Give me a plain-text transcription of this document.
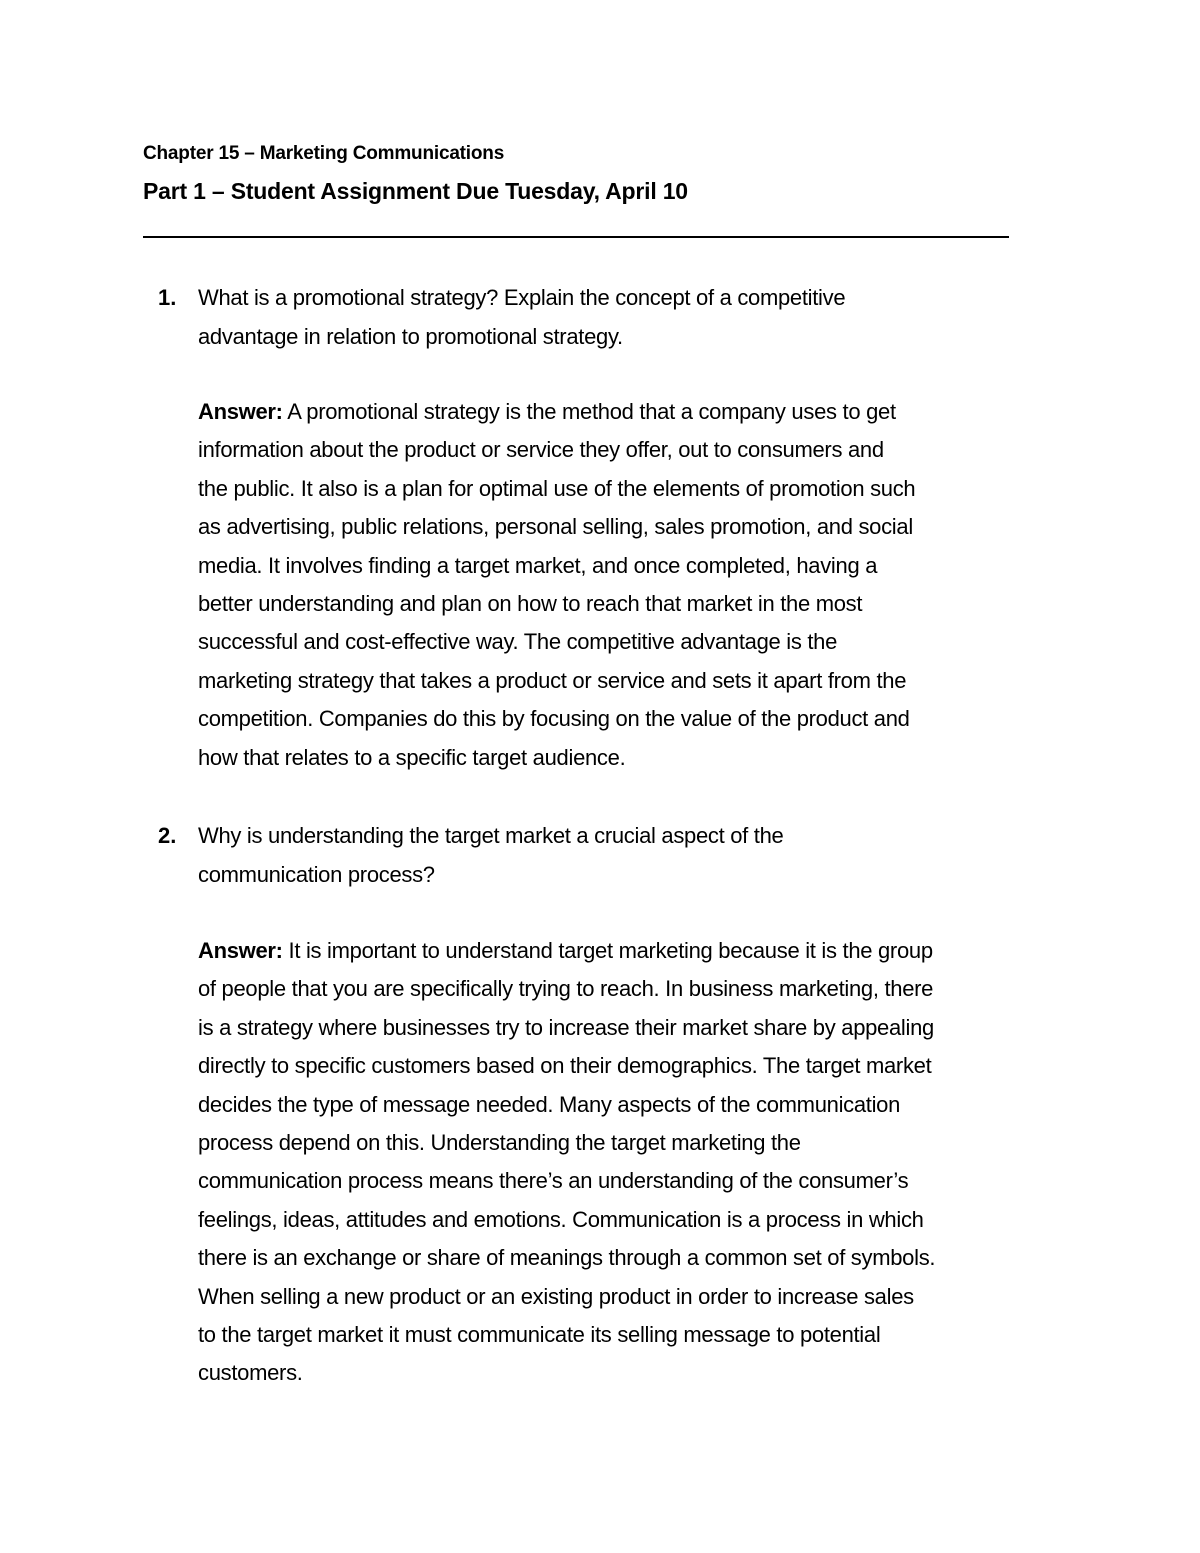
Chapter 15 – Marketing Communications
Part 1 – Student Assignment Due Tuesday, April 10
1. What is a promotional strategy? Explain the concept of a competitive
advantage in relation to promotional strategy.
Answer: A promotional strategy is the method that a company uses to get
information about the product or service they offer, out to consumers and
the public. It also is a plan for optimal use of the elements of promotion such
as advertising, public relations, personal selling, sales promotion, and social
media. It involves finding a target market, and once completed, having a
better understanding and plan on how to reach that market in the most
successful and cost-effective way. The competitive advantage is the
marketing strategy that takes a product or service and sets it apart from the
competition. Companies do this by focusing on the value of the product and
how that relates to a specific target audience.
2. Why is understanding the target market a crucial aspect of the
communication process?
Answer: It is important to understand target marketing because it is the group
of people that you are specifically trying to reach. In business marketing, there
is a strategy where businesses try to increase their market share by appealing
directly to specific customers based on their demographics. The target market
decides the type of message needed. Many aspects of the communication
process depend on this. Understanding the target marketing the
communication process means there’s an understanding of the consumer’s
feelings, ideas, attitudes and emotions. Communication is a process in which
there is an exchange or share of meanings through a common set of symbols.
When selling a new product or an existing product in order to increase sales
to the target market it must communicate its selling message to potential
customers.
